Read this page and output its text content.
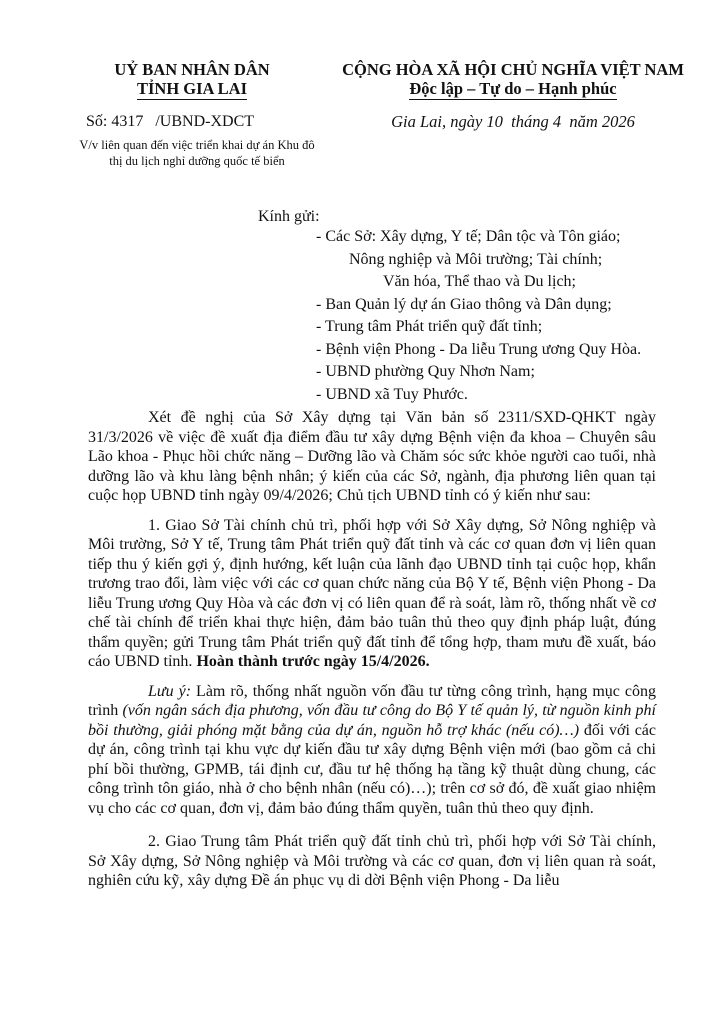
UỶ BAN NHÂN DÂN
TỈNH GIA LAI
CỘNG HÒA XÃ HỘI CHỦ NGHĨA VIỆT NAM
Độc lập – Tự do – Hạnh phúc
Số: 4317   /UBND-XDCT
V/v liên quan đến việc triển khai dự án Khu đô thị du lịch nghỉ dưỡng quốc tế biển
Gia Lai, ngày 10  tháng 4  năm 2026
Kính gửi:
- Các Sở: Xây dựng, Y tế; Dân tộc và Tôn giáo;
Nông nghiệp và Môi trường; Tài chính;
Văn hóa, Thể thao và Du lịch;
- Ban Quản lý dự án Giao thông và Dân dụng;
- Trung tâm Phát triển quỹ đất tỉnh;
- Bệnh viện Phong - Da liễu Trung ương Quy Hòa.
- UBND phường Quy Nhơn Nam;
- UBND xã Tuy Phước.

Xét đề nghị của Sở Xây dựng tại Văn bản số 2311/SXD-QHKT ngày 31/3/2026 về việc đề xuất địa điểm đầu tư xây dựng Bệnh viện đa khoa – Chuyên sâu Lão khoa - Phục hồi chức năng – Dưỡng lão và Chăm sóc sức khỏe người cao tuổi, nhà dưỡng lão và khu làng bệnh nhân; ý kiến của các Sở, ngành, địa phương liên quan tại cuộc họp UBND tỉnh ngày 09/4/2026; Chủ tịch UBND tỉnh có ý kiến như sau:

1. Giao Sở Tài chính chủ trì, phối hợp với Sở Xây dựng, Sở Nông nghiệp và Môi trường, Sở Y tế, Trung tâm Phát triển quỹ đất tỉnh và các cơ quan đơn vị liên quan tiếp thu ý kiến gợi ý, định hướng, kết luận của lãnh đạo UBND tỉnh tại cuộc họp, khẩn trương trao đổi, làm việc với các cơ quan chức năng của Bộ Y tế, Bệnh viện Phong - Da liễu Trung ương Quy Hòa và các đơn vị có liên quan để rà soát, làm rõ, thống nhất về cơ chế tài chính để triển khai thực hiện, đảm bảo tuân thủ theo quy định pháp luật, đúng thẩm quyền; gửi Trung tâm Phát triển quỹ đất tỉnh để tổng hợp, tham mưu đề xuất, báo cáo UBND tỉnh. Hoàn thành trước ngày 15/4/2026.

Lưu ý: Làm rõ, thống nhất nguồn vốn đầu tư từng công trình, hạng mục công trình (vốn ngân sách địa phương, vốn đầu tư công do Bộ Y tế quản lý, từ nguồn kinh phí bồi thường, giải phóng mặt bằng của dự án, nguồn hỗ trợ khác (nếu có)…) đối với các dự án, công trình tại khu vực dự kiến đầu tư xây dựng Bệnh viện mới (bao gồm cả chi phí bồi thường, GPMB, tái định cư, đầu tư hệ thống hạ tầng kỹ thuật dùng chung, các công trình tôn giáo, nhà ở cho bệnh nhân (nếu có)…); trên cơ sở đó, đề xuất giao nhiệm vụ cho các cơ quan, đơn vị, đảm bảo đúng thẩm quyền, tuân thủ theo quy định.

2. Giao Trung tâm Phát triển quỹ đất tỉnh chủ trì, phối hợp với Sở Tài chính, Sở Xây dựng, Sở Nông nghiệp và Môi trường và các cơ quan, đơn vị liên quan rà soát, nghiên cứu kỹ, xây dựng Đề án phục vụ di dời Bệnh viện Phong - Da liễu
